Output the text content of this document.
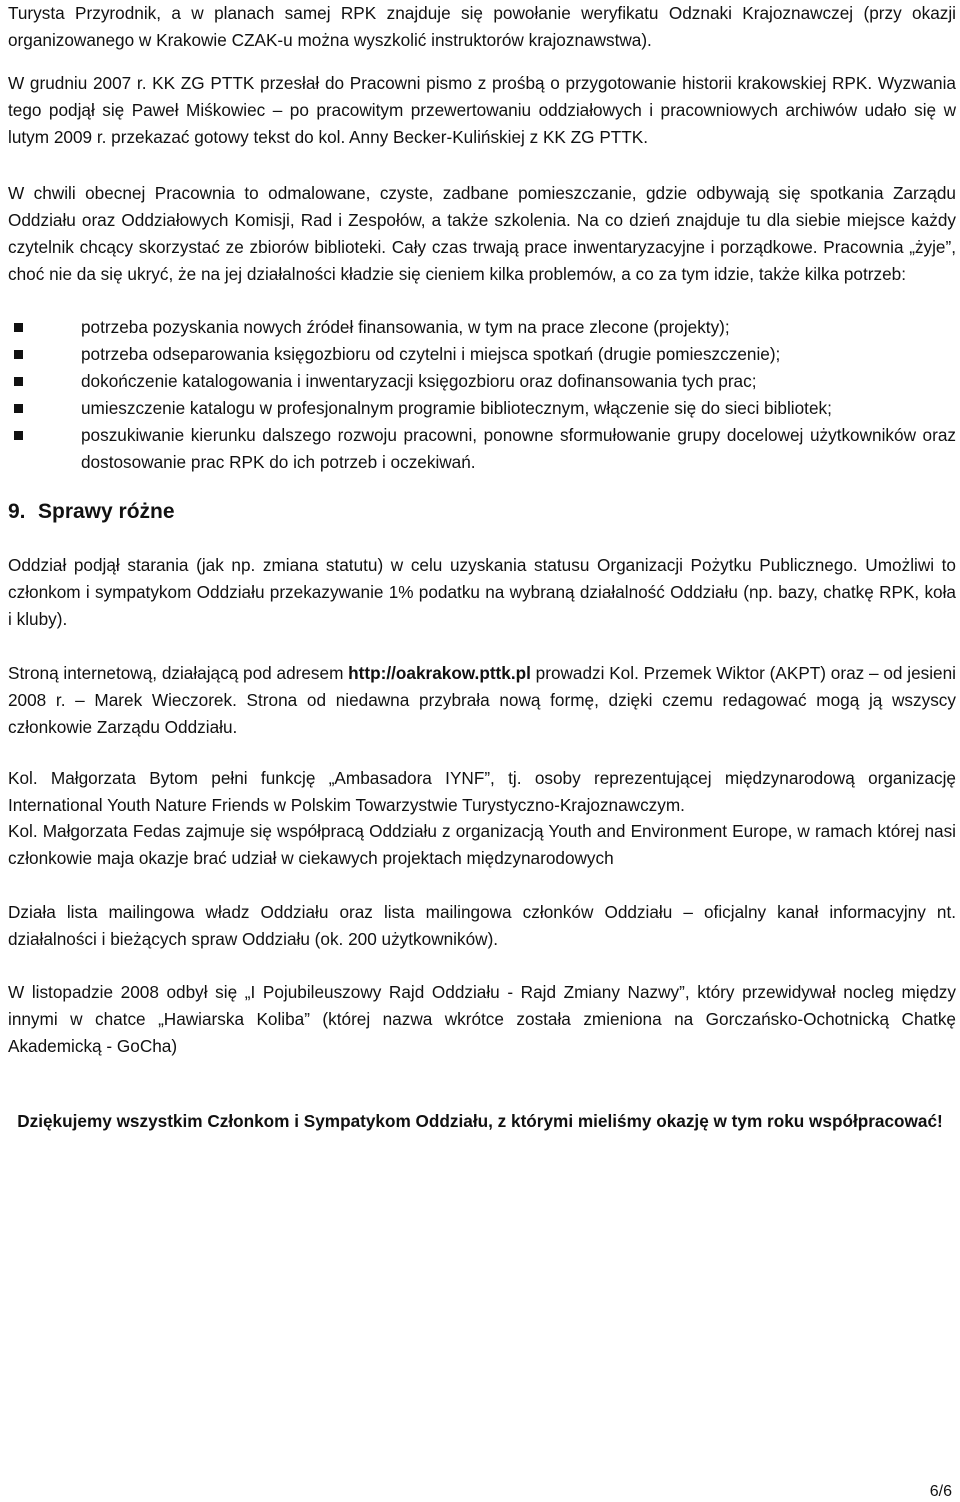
Turysta Przyrodnik, a w planach samej RPK znajduje się powołanie weryfikatu Odznaki Krajoznawczej (przy okazji organizowanego w Krakowie CZAK-u można wyszkolić instruktorów krajoznawstwa).

W grudniu 2007 r. KK ZG PTTK przesłał do Pracowni pismo z prośbą o przygotowanie historii krakowskiej RPK. Wyzwania tego podjął się Paweł Miśkowiec – po pracowitym przewertowaniu oddziałowych i pracowniowych archiwów udało się w lutym 2009 r. przekazać gotowy tekst do kol. Anny Becker-Kulińskiej z KK ZG PTTK.

W chwili obecnej Pracownia to odmalowane, czyste, zadbane pomieszczanie, gdzie odbywają się spotkania Zarządu Oddziału oraz Oddziałowych Komisji, Rad i Zespołów, a także szkolenia. Na co dzień znajduje tu dla siebie miejsce każdy czytelnik chcący skorzystać ze zbiorów biblioteki. Cały czas trwają prace inwentaryzacyjne i porządkowe. Pracownia „żyje”, choć nie da się ukryć, że na jej działalności kładzie się cieniem kilka problemów, a co za tym idzie, także kilka potrzeb:

potrzeba pozyskania nowych źródeł finansowania, w tym na prace zlecone (projekty);
potrzeba odseparowania księgozbioru od czytelni i miejsca spotkań (drugie pomieszczenie);
dokończenie katalogowania i inwentaryzacji księgozbioru oraz dofinansowania tych prac;
umieszczenie katalogu w profesjonalnym programie bibliotecznym, włączenie się do sieci bibliotek;
poszukiwanie kierunku dalszego rozwoju pracowni, ponowne sformułowanie grupy docelowej użytkowników oraz dostosowanie prac RPK do ich potrzeb i oczekiwań.

Oddział podjął starania (jak np. zmiana statutu) w celu uzyskania statusu Organizacji Pożytku Publicznego. Umożliwi to członkom i sympatykom Oddziału przekazywanie 1% podatku na wybraną działalność Oddziału (np. bazy, chatkę RPK, koła i kluby).

Stroną internetową, działającą pod adresem http://oakrakow.pttk.pl prowadzi Kol. Przemek Wiktor (AKPT) oraz – od jesieni 2008 r. – Marek Wieczorek. Strona od niedawna przybrała nową formę, dzięki czemu redagować mogą ją wszyscy członkowie Zarządu Oddziału.

Kol. Małgorzata Bytom pełni funkcję „Ambasadora IYNF”, tj. osoby reprezentującej międzynarodową organizację International Youth Nature Friends w Polskim Towarzystwie Turystyczno-Krajoznawczym.

Kol. Małgorzata Fedas zajmuje się współpracą Oddziału z organizacją Youth and Environment Europe, w ramach której nasi członkowie maja okazje brać udział w ciekawych projektach międzynarodowych

Działa lista mailingowa władz Oddziału oraz lista mailingowa członków Oddziału – oficjalny kanał informacyjny nt. działalności i bieżących spraw Oddziału (ok. 200 użytkowników).

W listopadzie 2008 odbył się „I Pojubileuszowy Rajd Oddziału - Rajd Zmiany Nazwy”, który przewidywał nocleg między innymi w chatce „Hawiarska Koliba” (której nazwa wkrótce została zmieniona na Gorczańsko-Ochotnicką Chatkę Akademicką - GoCha)

9. Sprawy różne

Dziękujemy wszystkim Członkom i Sympatykom Oddziału, z którymi mieliśmy okazję w tym roku współpracować!

6/6
